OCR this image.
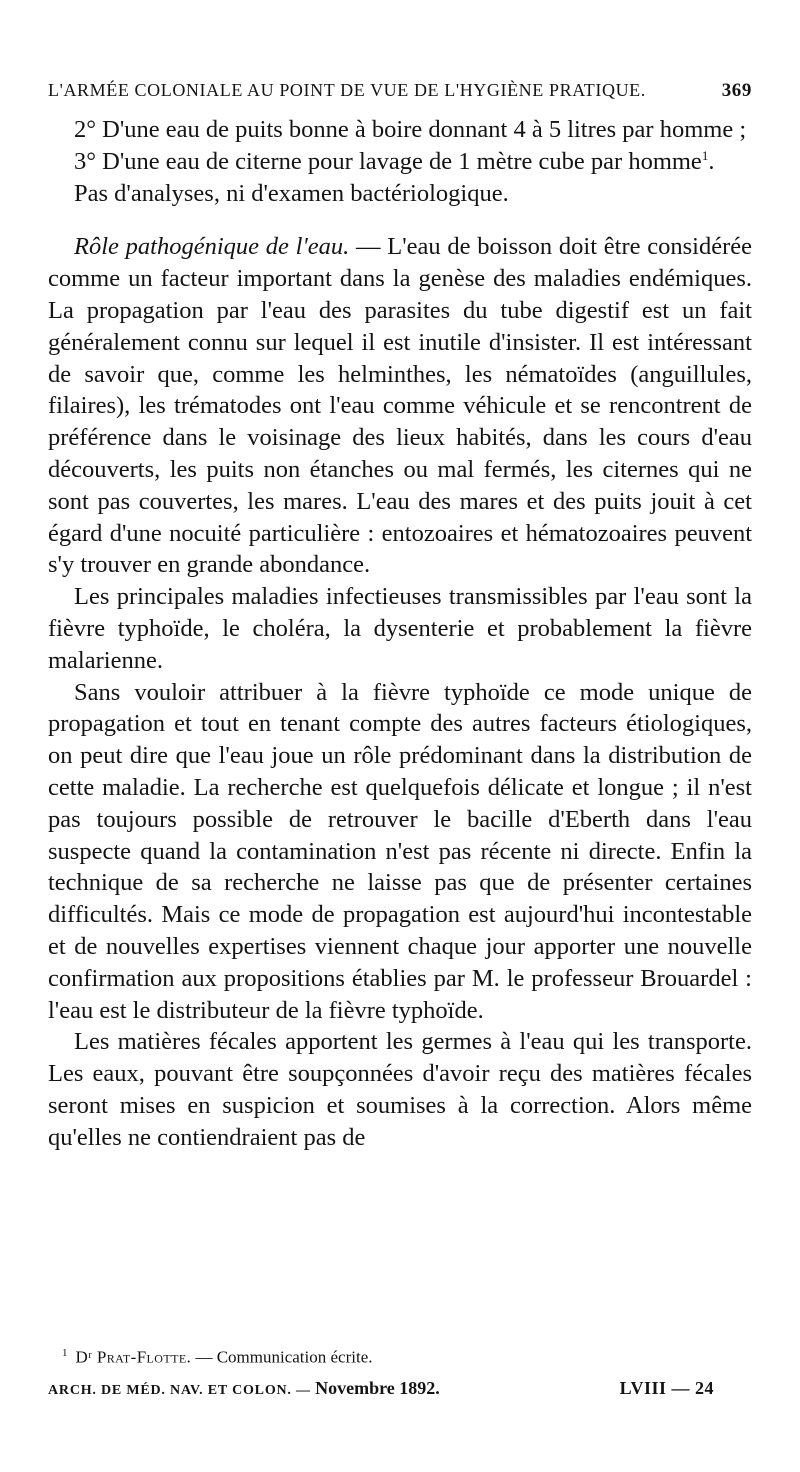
L'ARMÉE COLONIALE AU POINT DE VUE DE L'HYGIÈNE PRATIQUE.	369

2° D'une eau de puits bonne à boire donnant 4 à 5 litres par homme ;

3° D'une eau de citerne pour lavage de 1 mètre cube par homme$^1$.

Pas d'analyses, ni d'examen bactériologique.

Rôle pathogénique de l'eau. — L'eau de boisson doit être considérée comme un facteur important dans la genèse des maladies endémiques. La propagation par l'eau des parasites du tube digestif est un fait généralement connu sur lequel il est inutile d'insister. Il est intéressant de savoir que, comme les helminthes, les nématoïdes (anguillules, filaires), les trématodes ont l'eau comme véhicule et se rencontrent de préférence dans le voisinage des lieux habités, dans les cours d'eau découverts, les puits non étanches ou mal fermés, les citernes qui ne sont pas couvertes, les mares. L'eau des mares et des puits jouit à cet égard d'une nocuité particulière : entozoaires et hématozoaires peuvent s'y trouver en grande abondance.

Les principales maladies infectieuses transmissibles par l'eau sont la fièvre typhoïde, le choléra, la dysenterie et probablement la fièvre malarienne.

Sans vouloir attribuer à la fièvre typhoïde ce mode unique de propagation et tout en tenant compte des autres facteurs étiologiques, on peut dire que l'eau joue un rôle prédominant dans la distribution de cette maladie. La recherche est quelquefois délicate et longue ; il n'est pas toujours possible de retrouver le bacille d'Eberth dans l'eau suspecte quand la contamination n'est pas récente ni directe. Enfin la technique de sa recherche ne laisse pas que de présenter certaines difficultés. Mais ce mode de propagation est aujourd'hui incontestable et de nouvelles expertises viennent chaque jour apporter une nouvelle confirmation aux propositions établies par M. le professeur Brouardel : l'eau est le distributeur de la fièvre typhoïde.

Les matières fécales apportent les germes à l'eau qui les transporte. Les eaux, pouvant être soupçonnées d'avoir reçu des matières fécales seront mises en suspicion et soumises à la correction. Alors même qu'elles ne contiendraient pas de

$^1$ Dʳ Prat-Flotte. — Communication écrite.
ARCH. DE MÉD. NAV. ET COLON. — Novembre 1892.	LVIII — 24
